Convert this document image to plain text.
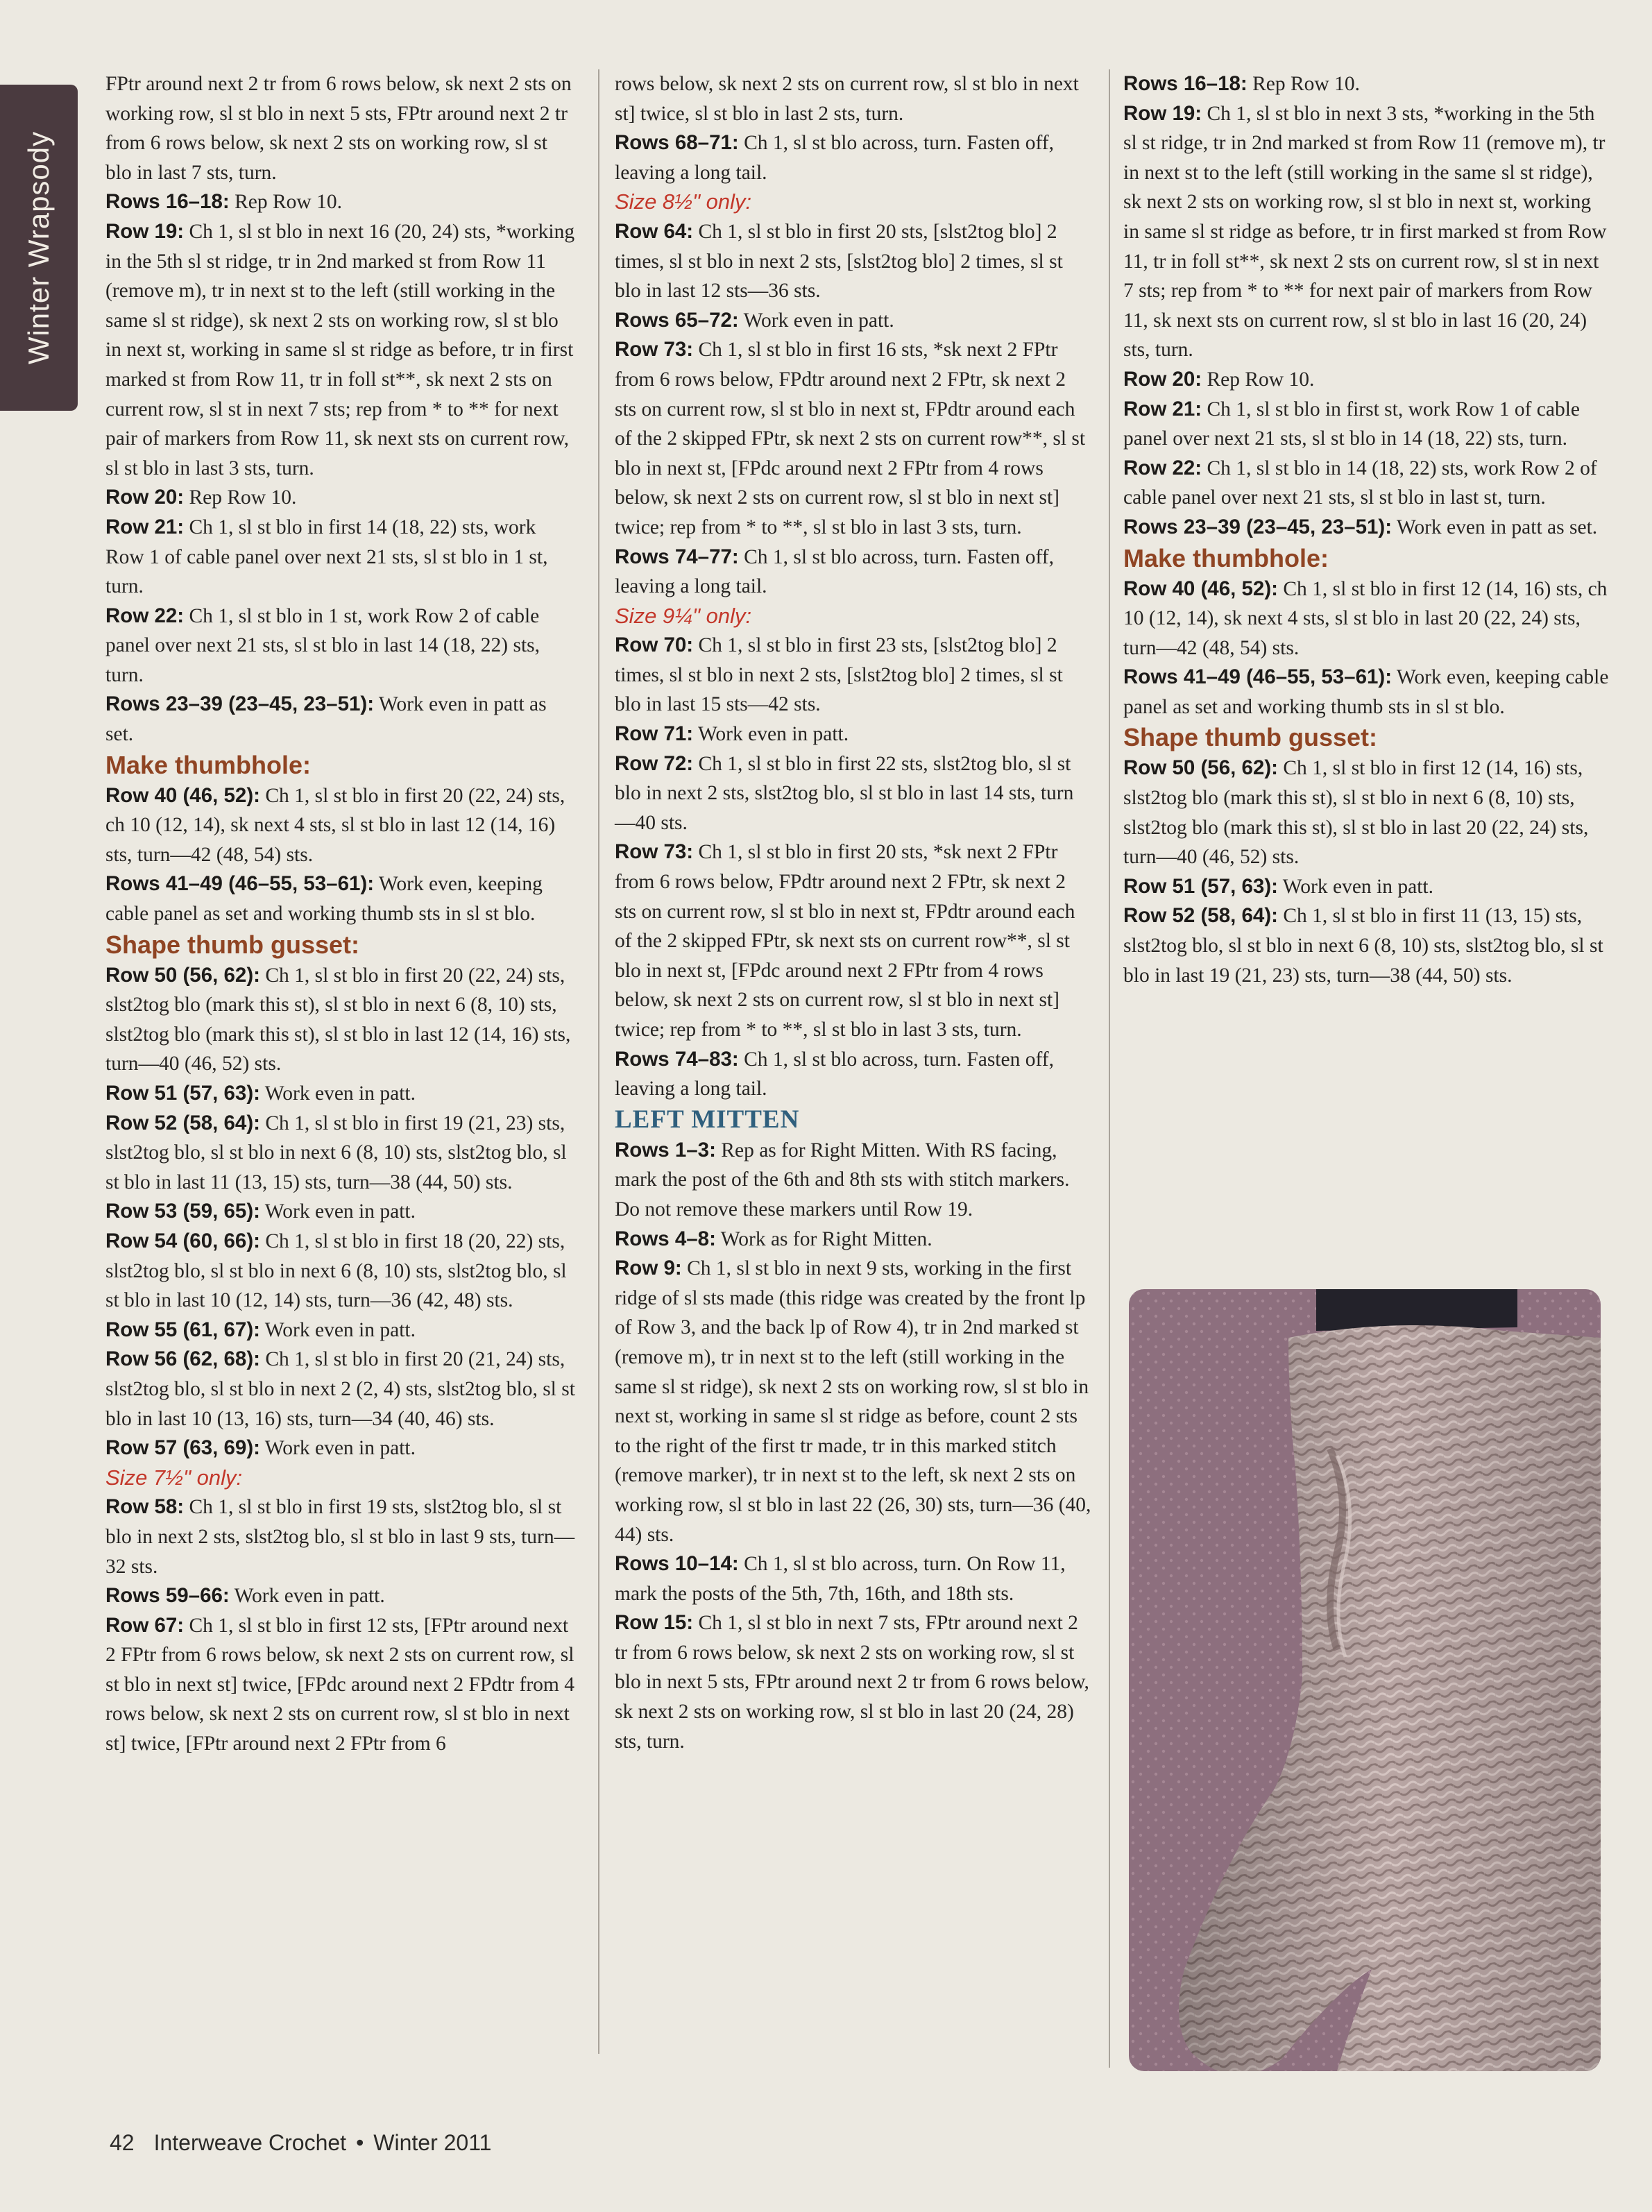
Winter Wrapsody

FPtr around next 2 tr from 6 rows below, sk next 2 sts on working row, sl st blo in next 5 sts, FPtr around next 2 tr from 6 rows below, sk next 2 sts on working row, sl st blo in last 7 sts, turn.

Rows 16–18: Rep Row 10.

Row 19: Ch 1, sl st blo in next 16 (20, 24) sts, *working in the 5th sl st ridge, tr in 2nd marked st from Row 11 (remove m), tr in next st to the left (still working in the same sl st ridge), sk next 2 sts on working row, sl st blo in next st, working in same sl st ridge as before, tr in first marked st from Row 11, tr in foll st**, sk next 2 sts on current row, sl st in next 7 sts; rep from * to ** for next pair of markers from Row 11, sk next sts on current row, sl st blo in last 3 sts, turn.

Row 20: Rep Row 10.

Row 21: Ch 1, sl st blo in first 14 (18, 22) sts, work Row 1 of cable panel over next 21 sts, sl st blo in 1 st, turn.

Row 22: Ch 1, sl st blo in 1 st, work Row 2 of cable panel over next 21 sts, sl st blo in last 14 (18, 22) sts, turn.

Rows 23–39 (23–45, 23–51): Work even in patt as set.

Make thumbhole:

Row 40 (46, 52): Ch 1, sl st blo in first 20 (22, 24) sts, ch 10 (12, 14), sk next 4 sts, sl st blo in last 12 (14, 16) sts, turn—42 (48, 54) sts.

Rows 41–49 (46–55, 53–61): Work even, keeping cable panel as set and working thumb sts in sl st blo.

Shape thumb gusset:

Row 50 (56, 62): Ch 1, sl st blo in first 20 (22, 24) sts, slst2tog blo (mark this st), sl st blo in next 6 (8, 10) sts, slst2tog blo (mark this st), sl st blo in last 12 (14, 16) sts, turn—40 (46, 52) sts.

Row 51 (57, 63): Work even in patt.

Row 52 (58, 64): Ch 1, sl st blo in first 19 (21, 23) sts, slst2tog blo, sl st blo in next 6 (8, 10) sts, slst2tog blo, sl st blo in last 11 (13, 15) sts, turn—38 (44, 50) sts.

Row 53 (59, 65): Work even in patt.

Row 54 (60, 66): Ch 1, sl st blo in first 18 (20, 22) sts, slst2tog blo, sl st blo in next 6 (8, 10) sts, slst2tog blo, sl st blo in last 10 (12, 14) sts, turn—36 (42, 48) sts.

Row 55 (61, 67): Work even in patt.

Row 56 (62, 68): Ch 1, sl st blo in first 20 (21, 24) sts, slst2tog blo, sl st blo in next 2 (2, 4) sts, slst2tog blo, sl st blo in last 10 (13, 16) sts, turn—34 (40, 46) sts.

Row 57 (63, 69): Work even in patt.

Size 7½" only:

Row 58: Ch 1, sl st blo in first 19 sts, slst2tog blo, sl st blo in next 2 sts, slst2tog blo, sl st blo in last 9 sts, turn—32 sts.

Rows 59–66: Work even in patt.

Row 67: Ch 1, sl st blo in first 12 sts, [FPtr around next 2 FPtr from 6 rows below, sk next 2 sts on current row, sl st blo in next st] twice, [FPdc around next 2 FPdtr from 4 rows below, sk next 2 sts on current row, sl st blo in next st] twice, [FPtr around next 2 FPtr from 6

rows below, sk next 2 sts on current row, sl st blo in next st] twice, sl st blo in last 2 sts, turn.

Rows 68–71: Ch 1, sl st blo across, turn. Fasten off, leaving a long tail.

Size 8½" only:

Row 64: Ch 1, sl st blo in first 20 sts, [slst2tog blo] 2 times, sl st blo in next 2 sts, [slst2tog blo] 2 times, sl st blo in last 12 sts—36 sts.

Rows 65–72: Work even in patt.

Row 73: Ch 1, sl st blo in first 16 sts, *sk next 2 FPtr from 6 rows below, FPdtr around next 2 FPtr, sk next 2 sts on current row, sl st blo in next st, FPdtr around each of the 2 skipped FPtr, sk next 2 sts on current row**, sl st blo in next st, [FPdc around next 2 FPtr from 4 rows below, sk next 2 sts on current row, sl st blo in next st] twice; rep from * to **, sl st blo in last 3 sts, turn.

Rows 74–77: Ch 1, sl st blo across, turn. Fasten off, leaving a long tail.

Size 9¼" only:

Row 70: Ch 1, sl st blo in first 23 sts, [slst2tog blo] 2 times, sl st blo in next 2 sts, [slst2tog blo] 2 times, sl st blo in last 15 sts—42 sts.

Row 71: Work even in patt.

Row 72: Ch 1, sl st blo in first 22 sts, slst2tog blo, sl st blo in next 2 sts, slst2tog blo, sl st blo in last 14 sts, turn—40 sts.

Row 73: Ch 1, sl st blo in first 20 sts, *sk next 2 FPtr from 6 rows below, FPdtr around next 2 FPtr, sk next 2 sts on current row, sl st blo in next st, FPdtr around each of the 2 skipped FPtr, sk next sts on current row**, sl st blo in next st, [FPdc around next 2 FPtr from 4 rows below, sk next 2 sts on current row, sl st blo in next st] twice; rep from * to **, sl st blo in last 3 sts, turn.

Rows 74–83: Ch 1, sl st blo across, turn. Fasten off, leaving a long tail.

LEFT MITTEN

Rows 1–3: Rep as for Right Mitten. With RS facing, mark the post of the 6th and 8th sts with stitch markers. Do not remove these markers until Row 19.

Rows 4–8: Work as for Right Mitten.

Row 9: Ch 1, sl st blo in next 9 sts, working in the first ridge of sl sts made (this ridge was created by the front lp of Row 3, and the back lp of Row 4), tr in 2nd marked st (remove m), tr in next st to the left (still working in the same sl st ridge), sk next 2 sts on working row, sl st blo in next st, working in same sl st ridge as before, count 2 sts to the right of the first tr made, tr in this marked stitch (remove marker), tr in next st to the left, sk next 2 sts on working row, sl st blo in last 22 (26, 30) sts, turn—36 (40, 44) sts.

Rows 10–14: Ch 1, sl st blo across, turn. On Row 11, mark the posts of the 5th, 7th, 16th, and 18th sts.

Row 15: Ch 1, sl st blo in next 7 sts, FPtr around next 2 tr from 6 rows below, sk next 2 sts on working row, sl st blo in next 5 sts, FPtr around next 2 tr from 6 rows below, sk next 2 sts on working row, sl st blo in last 20 (24, 28) sts, turn.

Rows 16–18: Rep Row 10.

Row 19: Ch 1, sl st blo in next 3 sts, *working in the 5th sl st ridge, tr in 2nd marked st from Row 11 (remove m), tr in next st to the left (still working in the same sl st ridge), sk next 2 sts on working row, sl st blo in next st, working in same sl st ridge as before, tr in first marked st from Row 11, tr in foll st**, sk next 2 sts on current row, sl st in next 7 sts; rep from * to ** for next pair of markers from Row 11, sk next sts on current row, sl st blo in last 16 (20, 24) sts, turn.

Row 20: Rep Row 10.

Row 21: Ch 1, sl st blo in first st, work Row 1 of cable panel over next 21 sts, sl st blo in 14 (18, 22) sts, turn.

Row 22: Ch 1, sl st blo in 14 (18, 22) sts, work Row 2 of cable panel over next 21 sts, sl st blo in last st, turn.

Rows 23–39 (23–45, 23–51): Work even in patt as set.

Make thumbhole:

Row 40 (46, 52): Ch 1, sl st blo in first 12 (14, 16) sts, ch 10 (12, 14), sk next 4 sts, sl st blo in last 20 (22, 24) sts, turn—42 (48, 54) sts.

Rows 41–49 (46–55, 53–61): Work even, keeping cable panel as set and working thumb sts in sl st blo.

Shape thumb gusset:

Row 50 (56, 62): Ch 1, sl st blo in first 12 (14, 16) sts, slst2tog blo (mark this st), sl st blo in next 6 (8, 10) sts, slst2tog blo (mark this st), sl st blo in last 20 (22, 24) sts, turn—40 (46, 52) sts.

Row 51 (57, 63): Work even in patt.

Row 52 (58, 64): Ch 1, sl st blo in first 11 (13, 15) sts, slst2tog blo, sl st blo in next 6 (8, 10) sts, slst2tog blo, sl st blo in last 19 (21, 23) sts, turn—38 (44, 50) sts.

42 Interweave Crochet • Winter 2011
